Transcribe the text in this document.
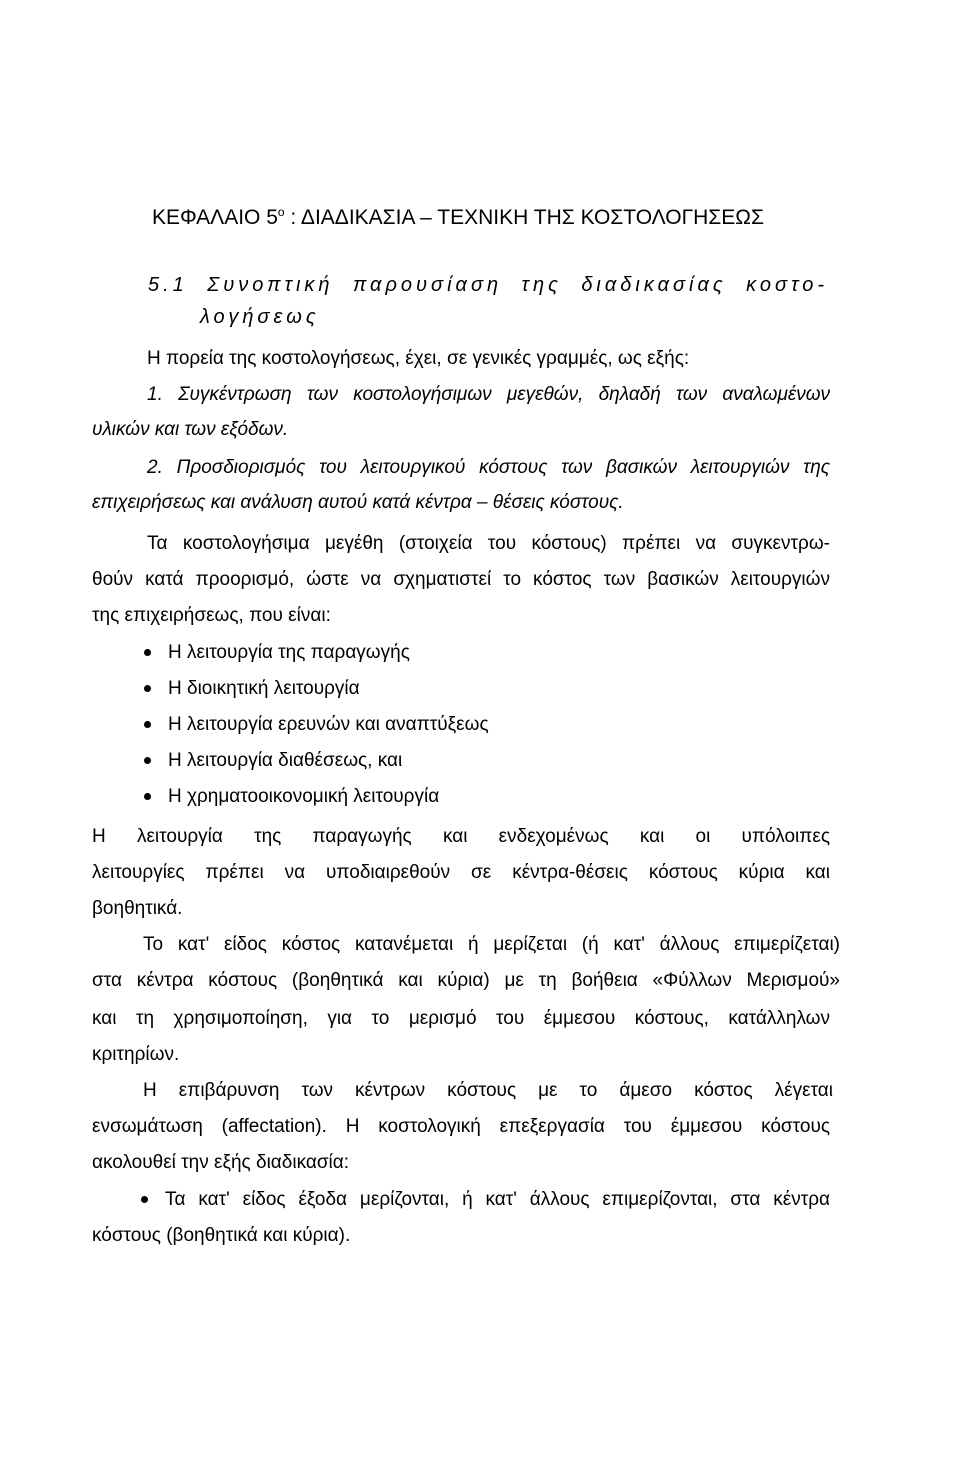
ΚΕΦΑΛΑΙΟ $5^o$ : ΔΙΑΔΙΚΑΣΙΑ – ΤΕΧΝΙΚΗ ΤΗΣ ΚΟΣΤΟΛΟΓΗΣΕΩΣ
5.1 Συνοπτική παρουσίαση της διαδικασίας κοστο-
λογήσεως
Η πορεία της κοστολογήσεως, έχει, σε γενικές γραμμές, ως εξής:
1. Συγκέντρωση των κοστολογήσιμων μεγεθών, δηλαδή των αναλωμένων
υλικών και των εξόδων.
2. Προσδιορισμός του λειτουργικού κόστους των βασικών λειτουργιών της
επιχειρήσεως και ανάλυση αυτού κατά κέντρα – θέσεις κόστους.
Τα κοστολογήσιμα μεγέθη (στοιχεία του κόστους) πρέπει να συγκεντρω-
θούν κατά προορισμό, ώστε να σχηματιστεί το κόστος των βασικών λειτουργιών
της επιχειρήσεως, που είναι:
Η λειτουργία της παραγωγής
Η διοικητική λειτουργία
Η λειτουργία ερευνών και αναπτύξεως
Η λειτουργία διαθέσεως, και
Η χρηματοοικονομική λειτουργία
Η λειτουργία της παραγωγής και ενδεχομένως και οι υπόλοιπες
λειτουργίες πρέπει να υποδιαιρεθούν σε κέντρα-θέσεις κόστους κύρια και
βοηθητικά.
Το κατ' είδος κόστος κατανέμεται ή μερίζεται (ή κατ' άλλους επιμερίζεται)
στα κέντρα κόστους (βοηθητικά και κύρια) με τη βοήθεια «Φύλλων Μερισμού»
και τη χρησιμοποίηση, για το μερισμό του έμμεσου κόστους, κατάλληλων
κριτηρίων.
Η επιβάρυνση των κέντρων κόστους με το άμεσο κόστος λέγεται
ενσωμάτωση (affectation). Η κοστολογική επεξεργασία του έμμεσου κόστους
ακολουθεί την εξής διαδικασία:
Τα κατ' είδος έξοδα μερίζονται, ή κατ' άλλους επιμερίζονται, στα κέντρα
κόστους (βοηθητικά και κύρια).
